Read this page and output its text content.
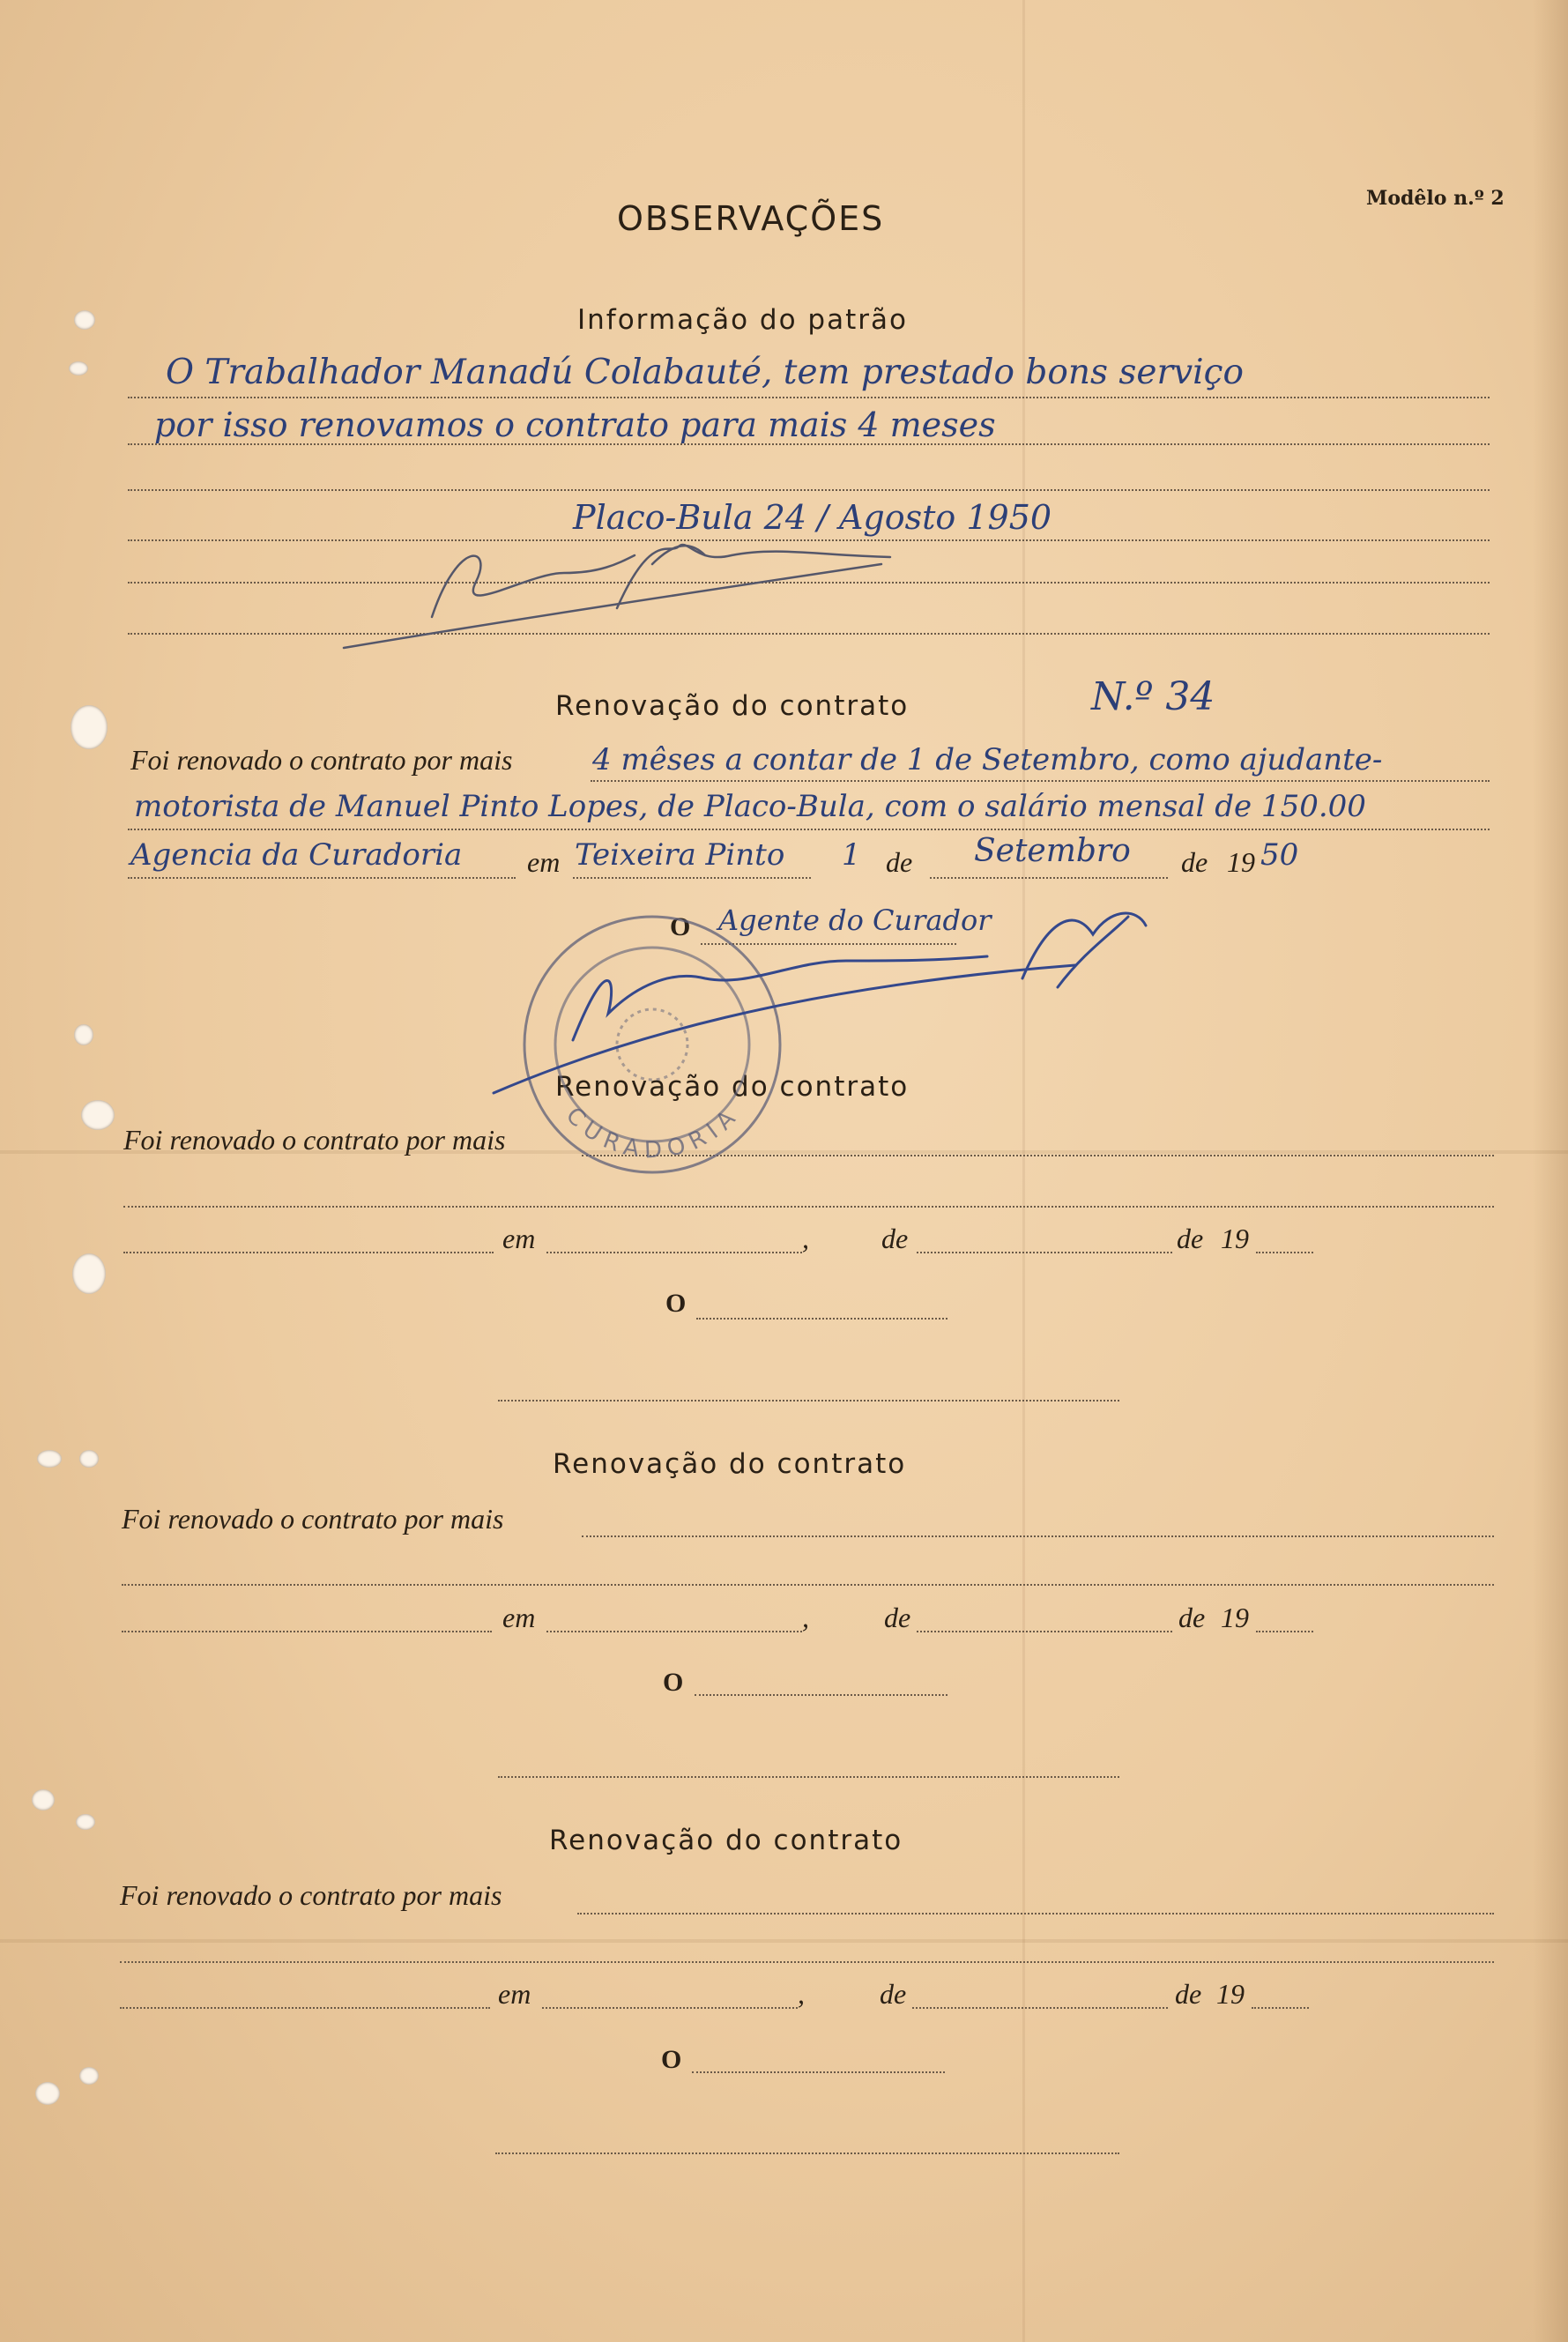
Modêlo n.º 2
OBSERVAÇÕES
Informação do patrão
O Trabalhador Manadú Colabauté, tem prestado bons serviço
por isso renovamos o contrato para mais 4 meses
Placo-Bula 24 / Agosto 1950
Renovação do contrato	N.º 34
Foi renovado o contrato por mais	4 mêses a contar de 1 de Setembro, como ajudante-
motorista de Manuel Pinto Lopes, de Placo-Bula, com o salário mensal de 150.00
Agencia da Curadoria em Teixeira Pinto 1 de Setembro de 19 50
O Agente do Curador
Renovação do contrato
Foi renovado o contrato por mais
em	,	de	de 19
O
Renovação do contrato
Foi renovado o contrato por mais
em	,	de	de 19
O
Renovação do contrato
Foi renovado o contrato por mais
em	,	de	de 19
O
CURADORIA
